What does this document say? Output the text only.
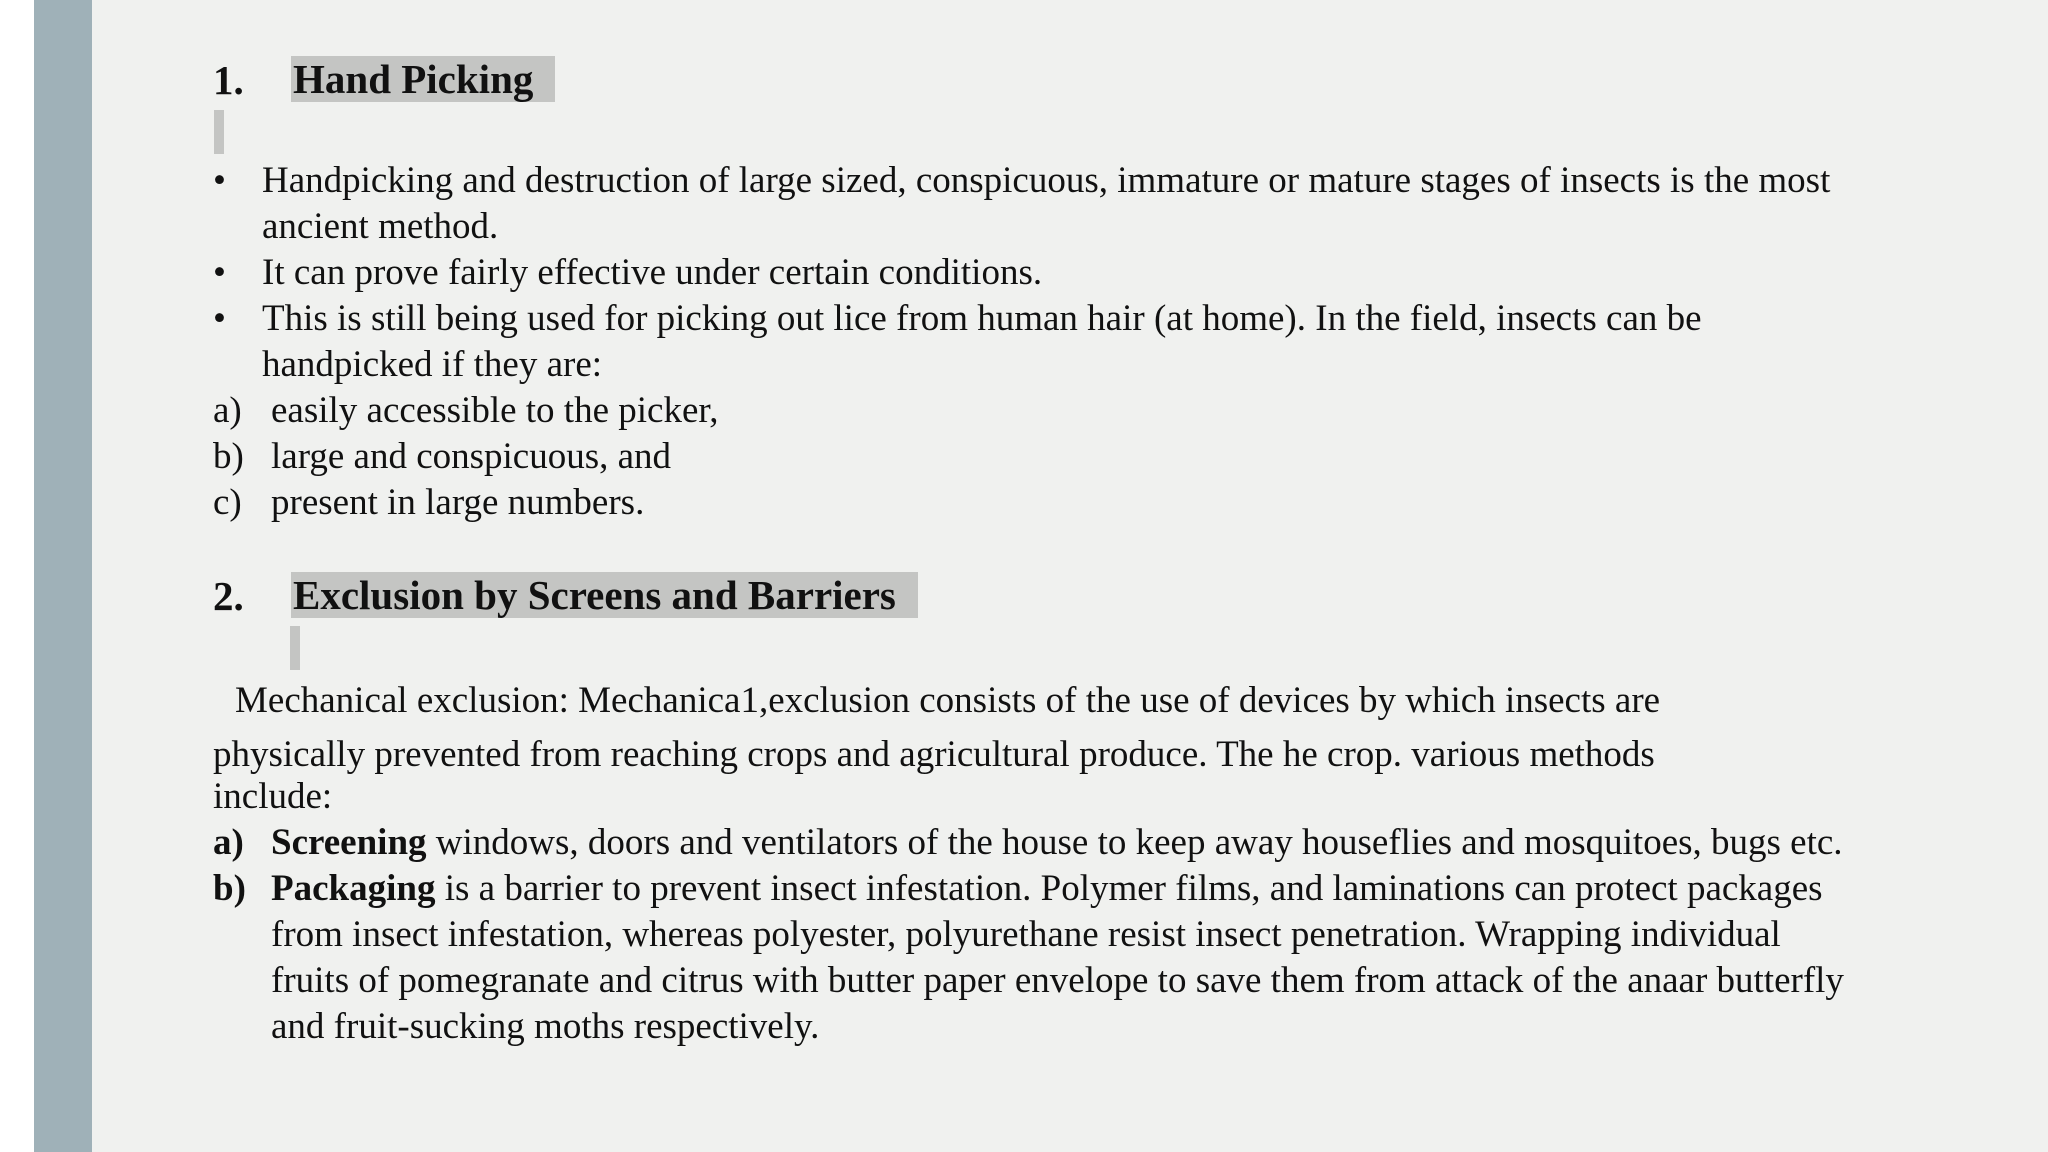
1. Hand Picking
• Handpicking and destruction of large sized, conspicuous, immature or mature stages of insects is the most ancient method.
• It can prove fairly effective under certain conditions.
• This is still being used for picking out lice from human hair (at home). In the field, insects can be handpicked if they are:
a) easily accessible to the picker,
b) large and conspicuous, and
c) present in large numbers.
2. Exclusion by Screens and Barriers
Mechanical exclusion: Mechanica1,exclusion consists of the use of devices by which insects are
physically prevented from reaching crops and agricultural produce. The he crop. various methods
include:
a) Screening windows, doors and ventilators of the house to keep away houseflies and mosquitoes, bugs etc.
b) Packaging is a barrier to prevent insect infestation. Polymer films, and laminations can protect packages from insect infestation, whereas polyester, polyurethane resist insect penetration. Wrapping individual fruits of pomegranate and citrus with butter paper envelope to save them from attack of the anaar butterfly and fruit-sucking moths respectively.
